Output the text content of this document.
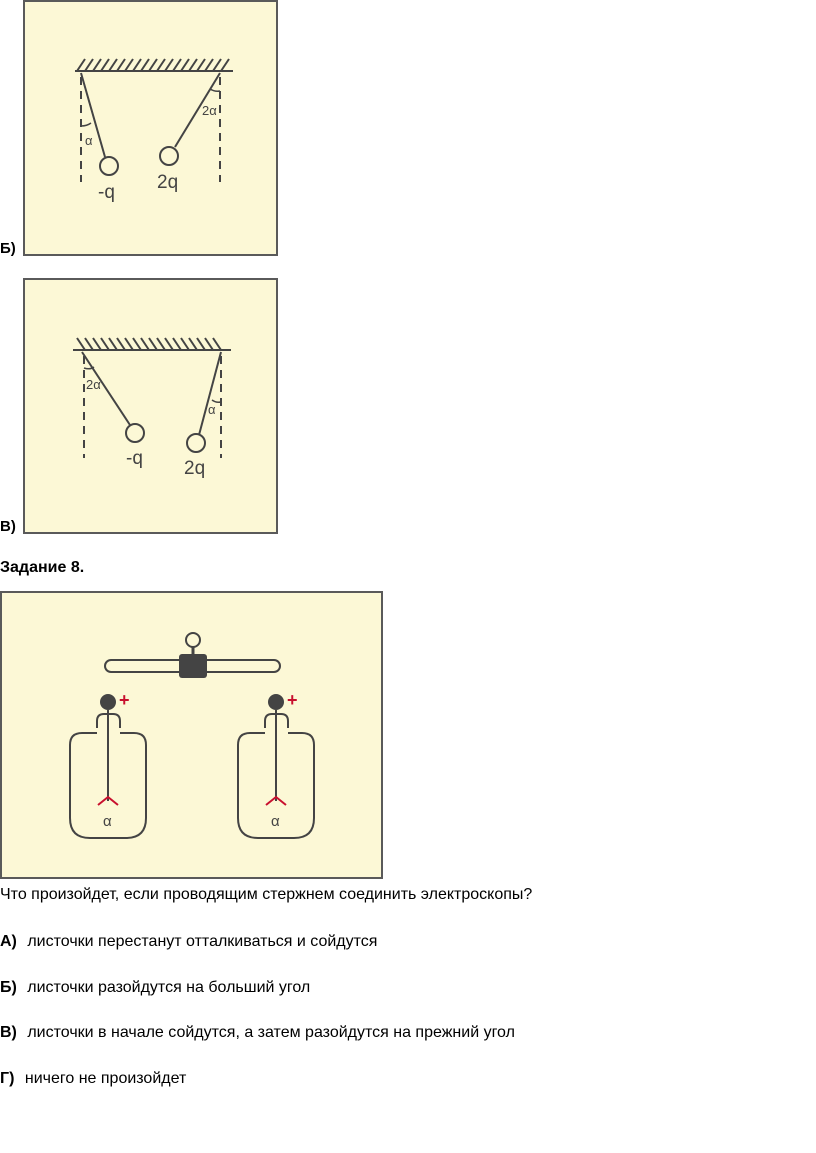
α
2α
-q 2q
Б)
2α
α
-q 2q
В)
Задание 8.
+
α
+
α
Что произойдет, если проводящим стержнем соединить электроскопы?
А) листочки перестанут отталкиваться и сойдутся
Б) листочки разойдутся на больший угол
В) листочки в начале сойдутся, а затем разойдутся на прежний угол
Г) ничего не произойдет
